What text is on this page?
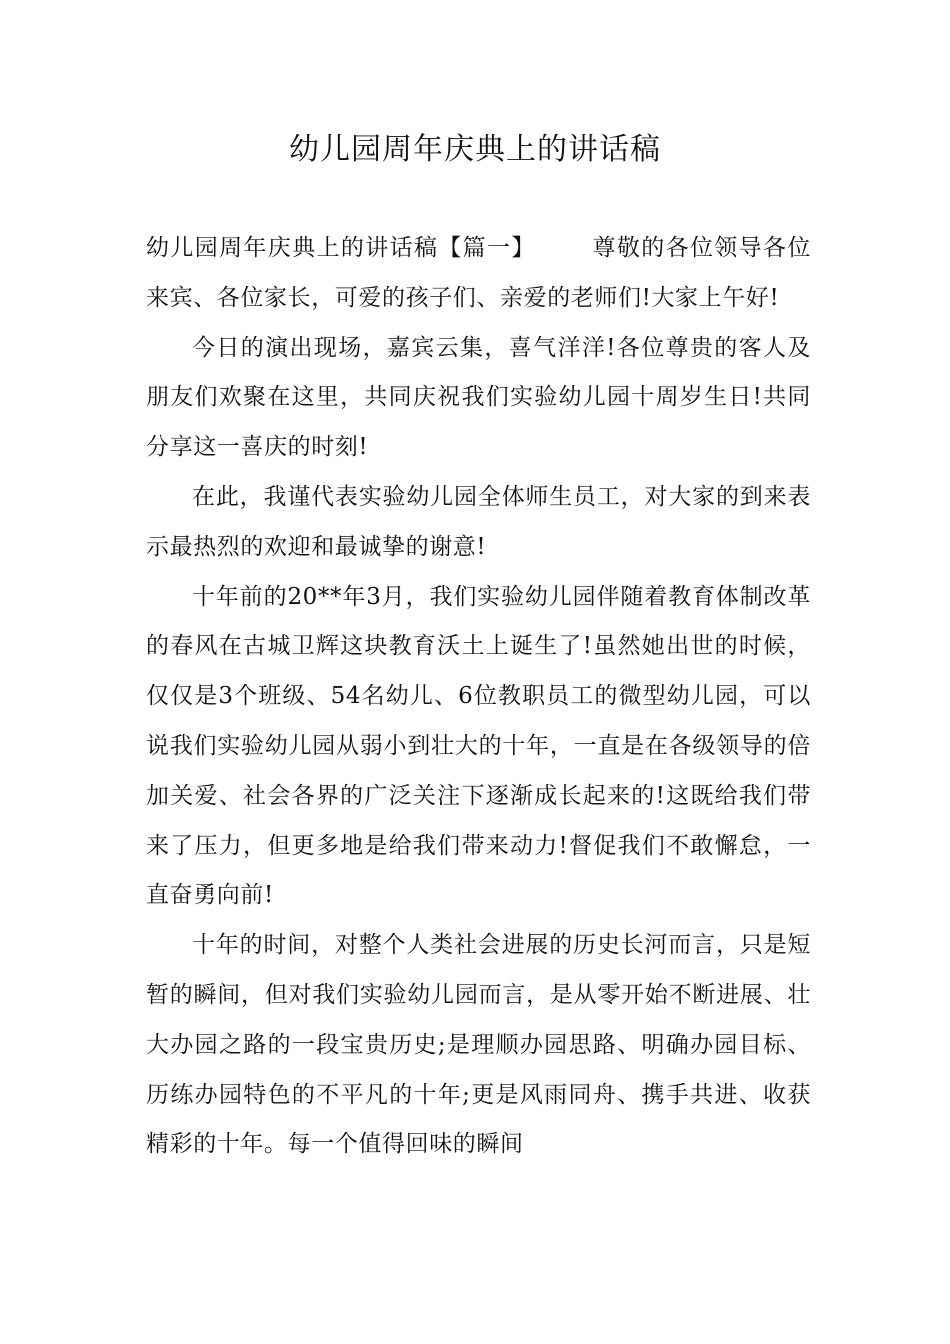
幼儿园周年庆典上的讲话稿

幼儿园周年庆典上的讲话稿【篇一】 尊敬的各位领导各位来宾、各位家长，可爱的孩子们、亲爱的老师们!大家上午好!

今日的演出现场，嘉宾云集，喜气洋洋!各位尊贵的客人及朋友们欢聚在这里，共同庆祝我们实验幼儿园十周岁生日!共同分享这一喜庆的时刻!

在此，我谨代表实验幼儿园全体师生员工，对大家的到来表示最热烈的欢迎和最诚挚的谢意!

十年前的20**年3月，我们实验幼儿园伴随着教育体制改革的春风在古城卫辉这块教育沃土上诞生了!虽然她出世的时候，仅仅是3个班级、54名幼儿、6位教职员工的微型幼儿园，可以说我们实验幼儿园从弱小到壮大的十年，一直是在各级领导的倍加关爱、社会各界的广泛关注下逐渐成长起来的!这既给我们带来了压力，但更多地是给我们带来动力!督促我们不敢懈怠，一直奋勇向前!

十年的时间，对整个人类社会进展的历史长河而言，只是短暂的瞬间，但对我们实验幼儿园而言，是从零开始不断进展、壮大办园之路的一段宝贵历史;是理顺办园思路、明确办园目标、历练办园特色的不平凡的十年;更是风雨同舟、携手共进、收获精彩的十年。每一个值得回味的瞬间
